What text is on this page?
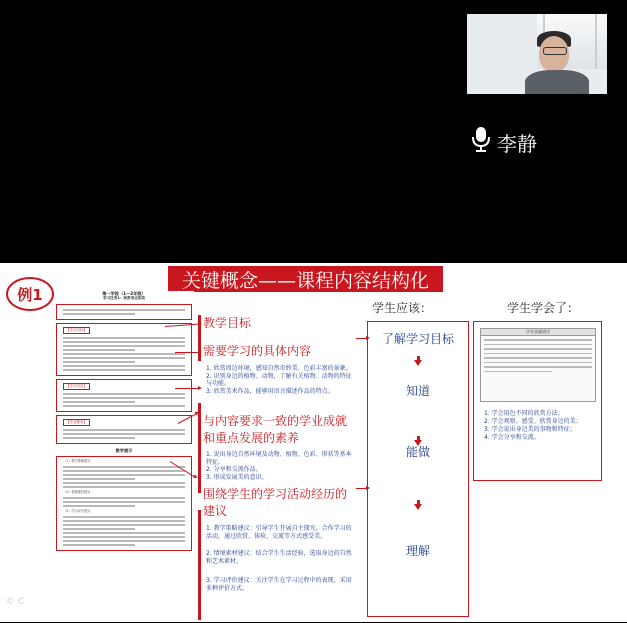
李静
关键概念——课程内容结构化
例1	第一学段（1～2年级）
学习任务1：欣赏身边的美
【学习目标】
【学习内容】
【学业要求】
教学提示
（1）教学策略建议
（2）情境素材建议
（3）学习评价建议
教学目标
需要学习的具体内容
1. 欣赏周边环境，感知自然奇妙美、色彩丰富的景象。
2. 识别身边的植物、动物，了解有关植物、动物的特征与功能。
3. 欣赏美术作品，能够用语言描述作品的特点。
与内容要求一致的学业成就和重点发展的素养
1. 说出身边自然环境及动物、植物、色彩、形状等基本特征。
2. 分享和交流作品。
3. 形成发展美的意识。
围绕学生的学习活动经历的建议
1. 教学策略建议：引导学生开展自主探究、合作学习的活动，通过欣赏、体验、交流等方式感受美。
2. 情境素材建议：结合学生生活经验，选取身边的自然和艺术素材。
3. 学习评价建议：关注学生在学习过程中的表现，采用多种评价方式。
学生应该：
了解学习目标
知道
能做
理解
学生学会了：
学业质量描述
1. 学会用色不同的欣赏方法；
2. 学会观察、感受、欣赏身边的美；
3. 学会说出身边美的事物和特征；
4. 学会分享和交流。
© C
